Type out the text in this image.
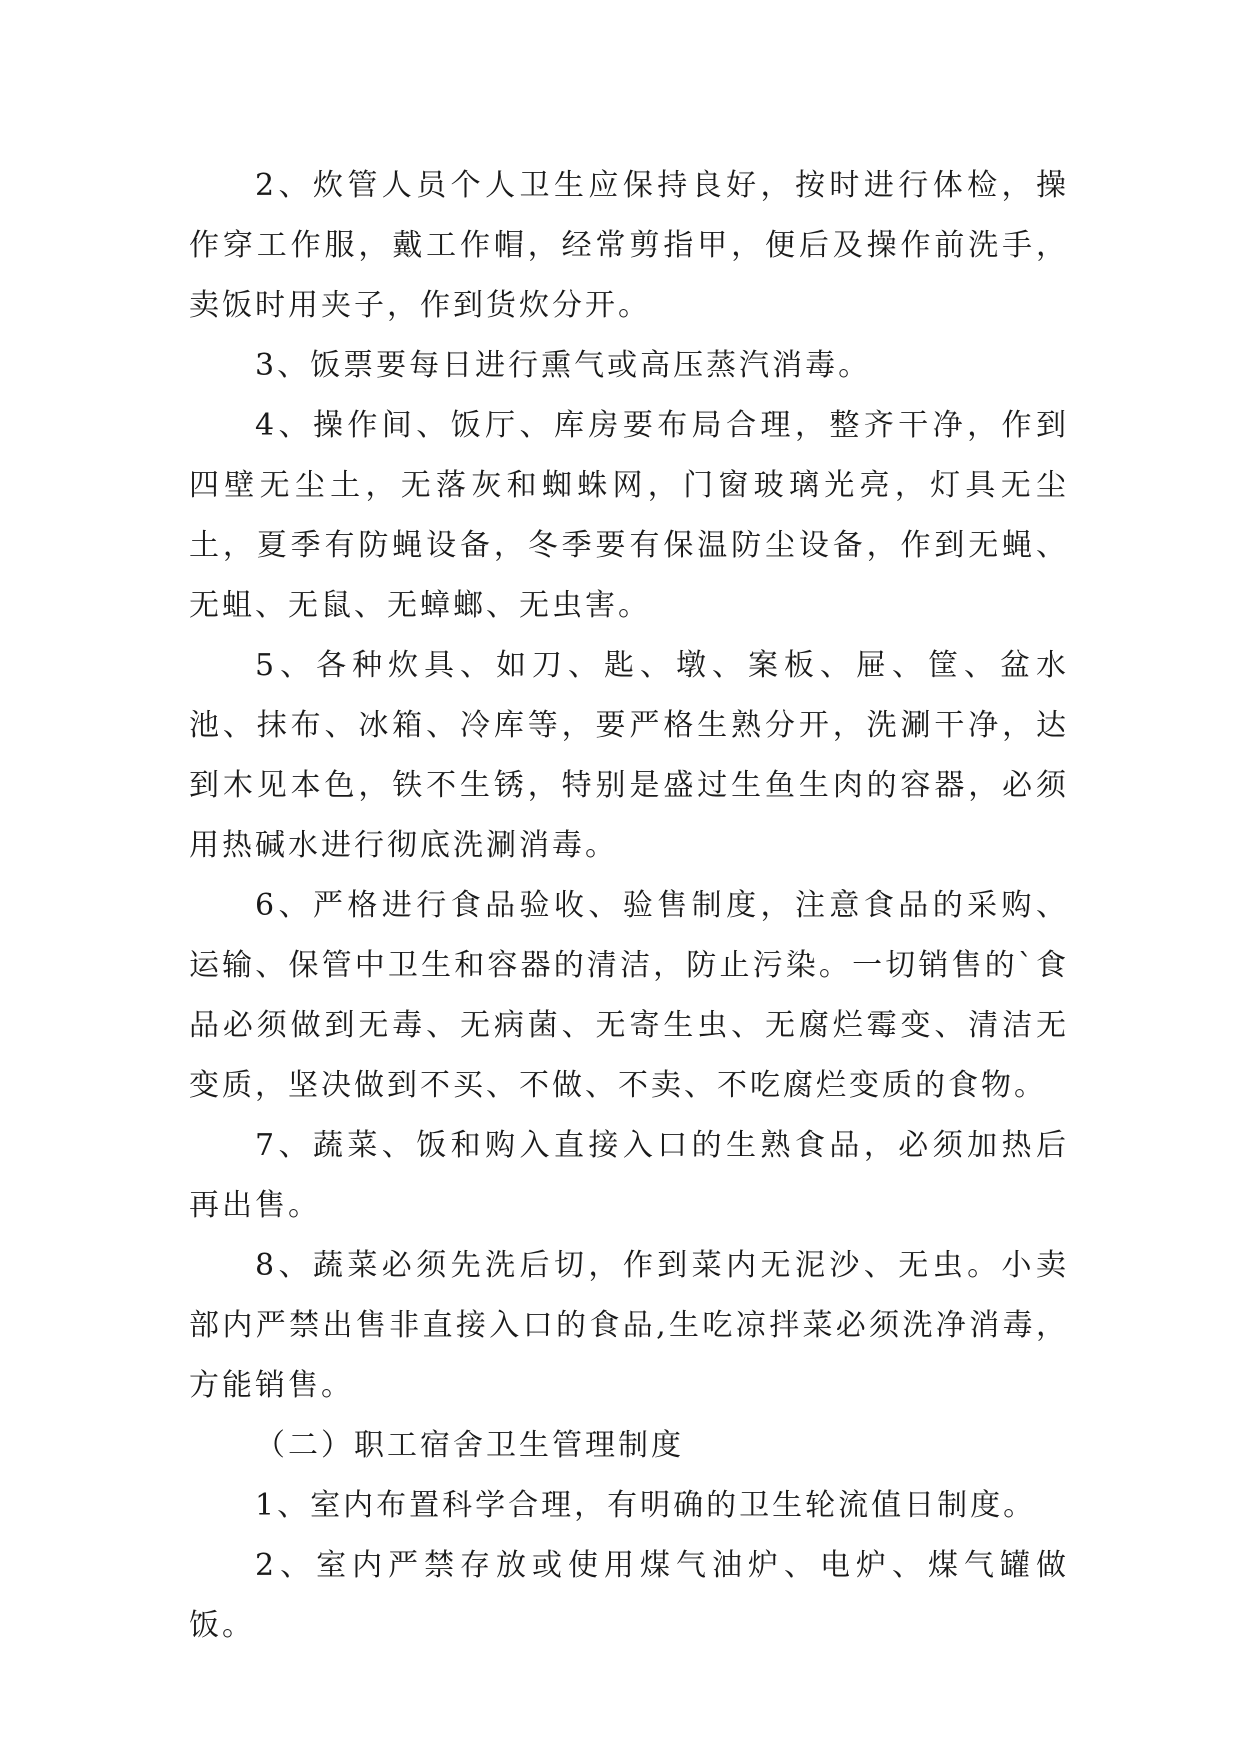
2、炊管人员个人卫生应保持良好，按时进行体检，操作穿工作服，戴工作帽，经常剪指甲，便后及操作前洗手，卖饭时用夹子，作到货炊分开。

3、饭票要每日进行熏气或高压蒸汽消毒。

4、操作间、饭厅、库房要布局合理，整齐干净，作到四壁无尘土，无落灰和蜘蛛网，门窗玻璃光亮，灯具无尘土，夏季有防蝇设备，冬季要有保温防尘设备，作到无蝇、无蛆、无鼠、无蟑螂、无虫害。

5、各种炊具、如刀、匙、墩、案板、屉、筐、盆水池、抹布、冰箱、冷库等，要严格生熟分开，洗涮干净，达到木见本色，铁不生锈，特别是盛过生鱼生肉的容器，必须用热碱水进行彻底洗涮消毒。

6、严格进行食品验收、验售制度，注意食品的采购、运输、保管中卫生和容器的清洁，防止污染。一切销售的`食品必须做到无毒、无病菌、无寄生虫、无腐烂霉变、清洁无变质，坚决做到不买、不做、不卖、不吃腐烂变质的食物。

7、蔬菜、饭和购入直接入口的生熟食品，必须加热后再出售。

8、蔬菜必须先洗后切，作到菜内无泥沙、无虫。小卖部内严禁出售非直接入口的食品,生吃凉拌菜必须洗净消毒，方能销售。

（二）职工宿舍卫生管理制度

1、室内布置科学合理，有明确的卫生轮流值日制度。

2、室内严禁存放或使用煤气油炉、电炉、煤气罐做饭。
